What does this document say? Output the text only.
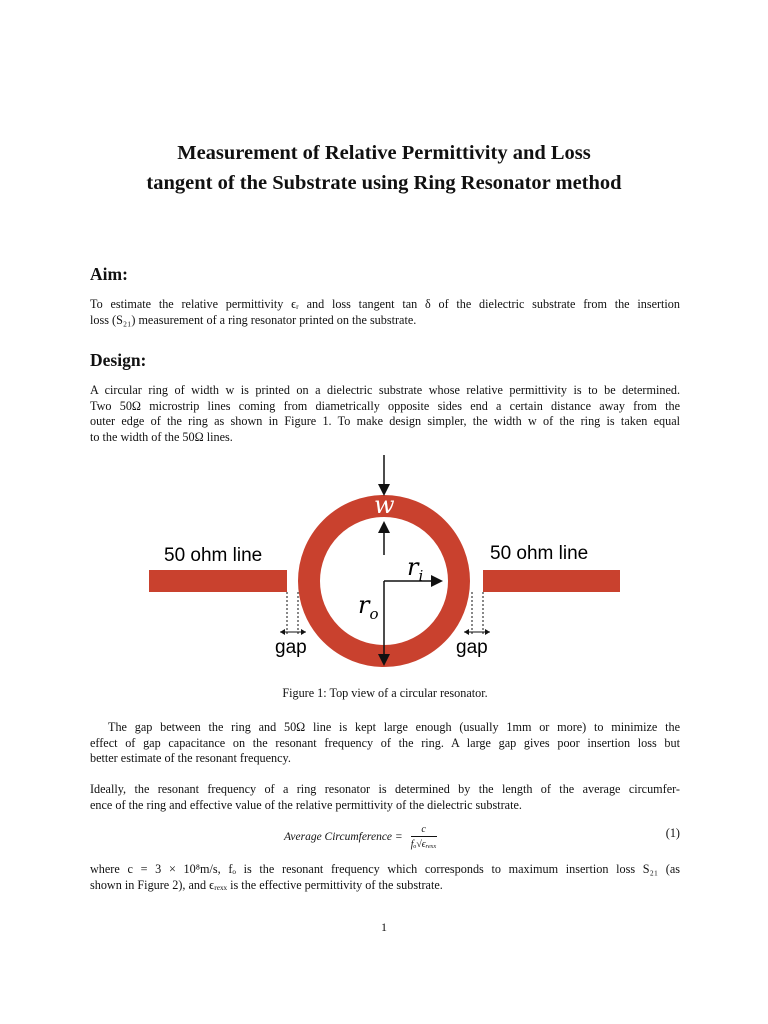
Measurement of Relative Permittivity and Loss
tangent of the Substrate using Ring Resonator method
Aim:
To estimate the relative permittivity ϵᵣ and loss tangent tan δ of the dielectric substrate from the insertion
loss (S₂₁) measurement of a ring resonator printed on the substrate.
Design:
A circular ring of width w is printed on a dielectric substrate whose relative permittivity is to be determined.
Two 50Ω microstrip lines coming from diametrically opposite sides end a certain distance away from the
outer edge of the ring as shown in Figure 1. To make design simpler, the width w of the ring is taken equal
to the width of the 50Ω lines.
w
$r_i$
$r_o$
50 ohm line	50 ohm line
gap	gap
Figure 1: Top view of a circular resonator.
The gap between the ring and 50Ω line is kept large enough (usually 1mm or more) to minimize the
effect of gap capacitance on the resonant frequency of the ring. A large gap gives poor insertion loss but
better estimate of the resonant frequency.
Ideally, the resonant frequency of a ring resonator is determined by the length of the average circumfer-
ence of the ring and effective value of the relative permittivity of the dielectric substrate.
Average Circumference = $\frac{c}{\text{fₒ√ϵᵣₑₓₓ}}$	(1)
where c = 3 × 10⁸m/s, fₒ is the resonant frequency which corresponds to maximum insertion loss S₂₁ (as
shown in Figure 2), and ϵᵣₑₓₓ is the effective permittivity of the substrate.
1
